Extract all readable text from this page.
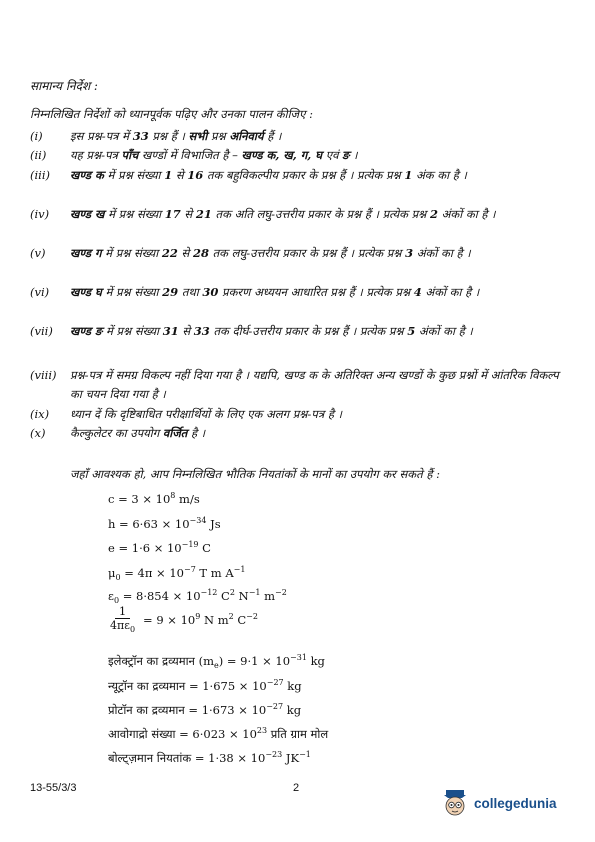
सामान्य निर्देश :
निम्नलिखित निर्देशों को ध्यानपूर्वक पढ़िए और उनका पालन कीजिए :
(i) इस प्रश्न-पत्र में 33 प्रश्न हैं । सभी प्रश्न अनिवार्य हैं ।
(ii) यह प्रश्न-पत्र पाँच खण्डों में विभाजित है – खण्ड क, ख, ग, घ एवं ङ ।
(iii) खण्ड क में प्रश्न संख्या 1 से 16 तक बहुविकल्पीय प्रकार के प्रश्न हैं । प्रत्येक प्रश्न 1 अंक का है ।
(iv) खण्ड ख में प्रश्न संख्या 17 से 21 तक अति लघु-उत्तरीय प्रकार के प्रश्न हैं । प्रत्येक प्रश्न 2 अंकों का है ।
(v) खण्ड ग में प्रश्न संख्या 22 से 28 तक लघु-उत्तरीय प्रकार के प्रश्न हैं । प्रत्येक प्रश्न 3 अंकों का है ।
(vi) खण्ड घ में प्रश्न संख्या 29 तथा 30 प्रकरण अध्ययन आधारित प्रश्न हैं । प्रत्येक प्रश्न 4 अंकों का है ।
(vii) खण्ड ङ में प्रश्न संख्या 31 से 33 तक दीर्घ-उत्तरीय प्रकार के प्रश्न हैं । प्रत्येक प्रश्न 5 अंकों का है ।
(viii) प्रश्न-पत्र में समग्र विकल्प नहीं दिया गया है । यद्यपि, खण्ड क के अतिरिक्त अन्य खण्डों के कुछ प्रश्नों में आंतरिक विकल्प का चयन दिया गया है ।
(ix) ध्यान दें कि दृष्टिबाधित परीक्षार्थियों के लिए एक अलग प्रश्न-पत्र है ।
(x) कैल्कुलेटर का उपयोग वर्जित है ।
जहाँ आवश्यक हो, आप निम्नलिखित भौतिक नियतांकों के मानों का उपयोग कर सकते हैं :
$c = 3 \times 10^8$ m/s
$h = 6\cdot 63 \times 10^{-34}$ Js
$e = 1\cdot 6 \times 10^{-19}$ C
$\mu_0 = 4\pi \times 10^{-7}$ T m $A^{-1}$
$\varepsilon_0 = 8\cdot 854 \times 10^{-12}$ $C^2$ $N^{-1}$ $m^{-2}$
$\frac{1}{4\pi\varepsilon_0} = 9 \times 10^9$ N $m^2$ $C^{-2}$
इलेक्ट्रॉन का द्रव्यमान $(m_e) = 9\cdot 1 \times 10^{-31}$ kg
न्यूट्रॉन का द्रव्यमान = $1\cdot 675 \times 10^{-27}$ kg
प्रोटॉन का द्रव्यमान = $1\cdot 673 \times 10^{-27}$ kg
आवोगाद्रो संख्या = $6\cdot 023 \times 10^{23}$ प्रति ग्राम मोल
बोल्ट्ज़मान नियतांक = $1\cdot 38 \times 10^{-23}$ $JK^{-1}$
13-55/3/3	2
collegedunia
